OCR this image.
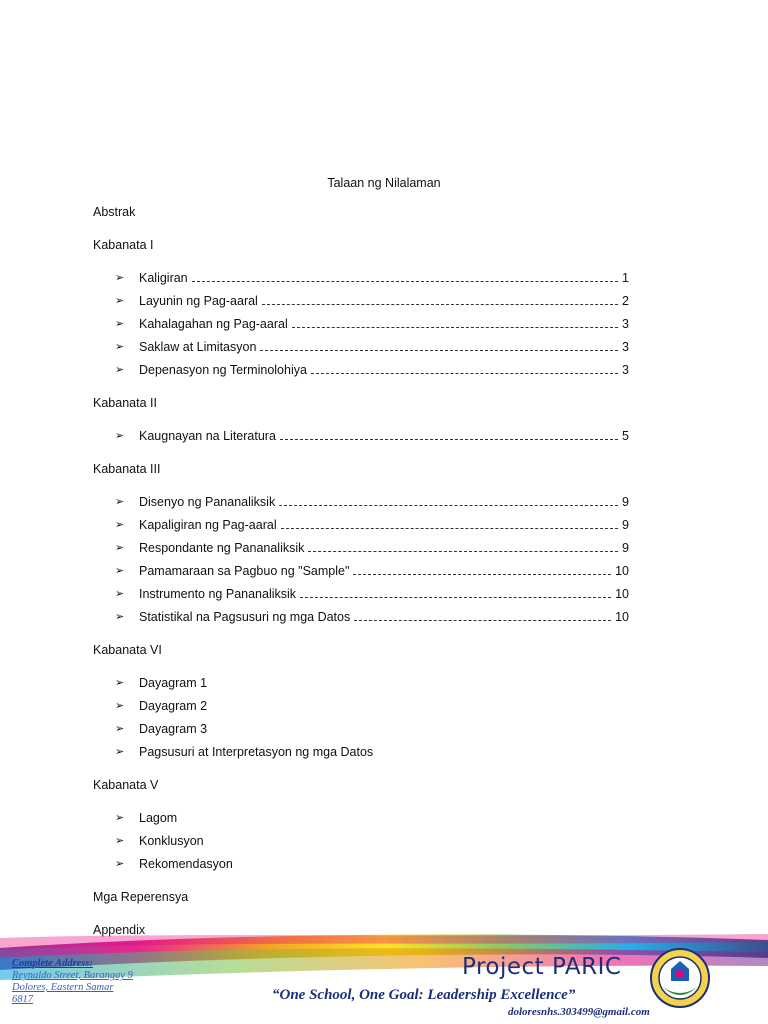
Talaan ng Nilalaman
Abstrak
Kabanata I
➢ Kaligiran	1
➢ Layunin ng Pag-aaral	2
➢ Kahalagahan ng Pag-aaral	3
➢ Saklaw at Limitasyon	3
➢ Depenasyon ng Terminolohiya	3
Kabanata II
➢ Kaugnayan na Literatura	5
Kabanata III
➢ Disenyo ng Pananaliksik	9
➢ Kapaligiran ng Pag-aaral	9
➢ Respondante ng Pananaliksik	9
➢ Pamamaraan sa Pagbuo ng "Sample"	10
➢ Instrumento ng Pananaliksik	10
➢ Statistikal na Pagsusuri ng mga Datos	10
Kabanata VI
➢ Dayagram 1
➢ Dayagram 2
➢ Dayagram 3
➢ Pagsusuri at Interpretasyon ng mga Datos
Kabanata V
➢ Lagom
➢ Konklusyon
➢ Rekomendasyon
Mga Reperensya
Appendix
Complete Address:
Reynaldo Street, Barangay 9
Dolores, Eastern Samar
6817
Project PARIC
“One School, One Goal: Leadership Excellence”
doloresnhs.303499@gmail.com
